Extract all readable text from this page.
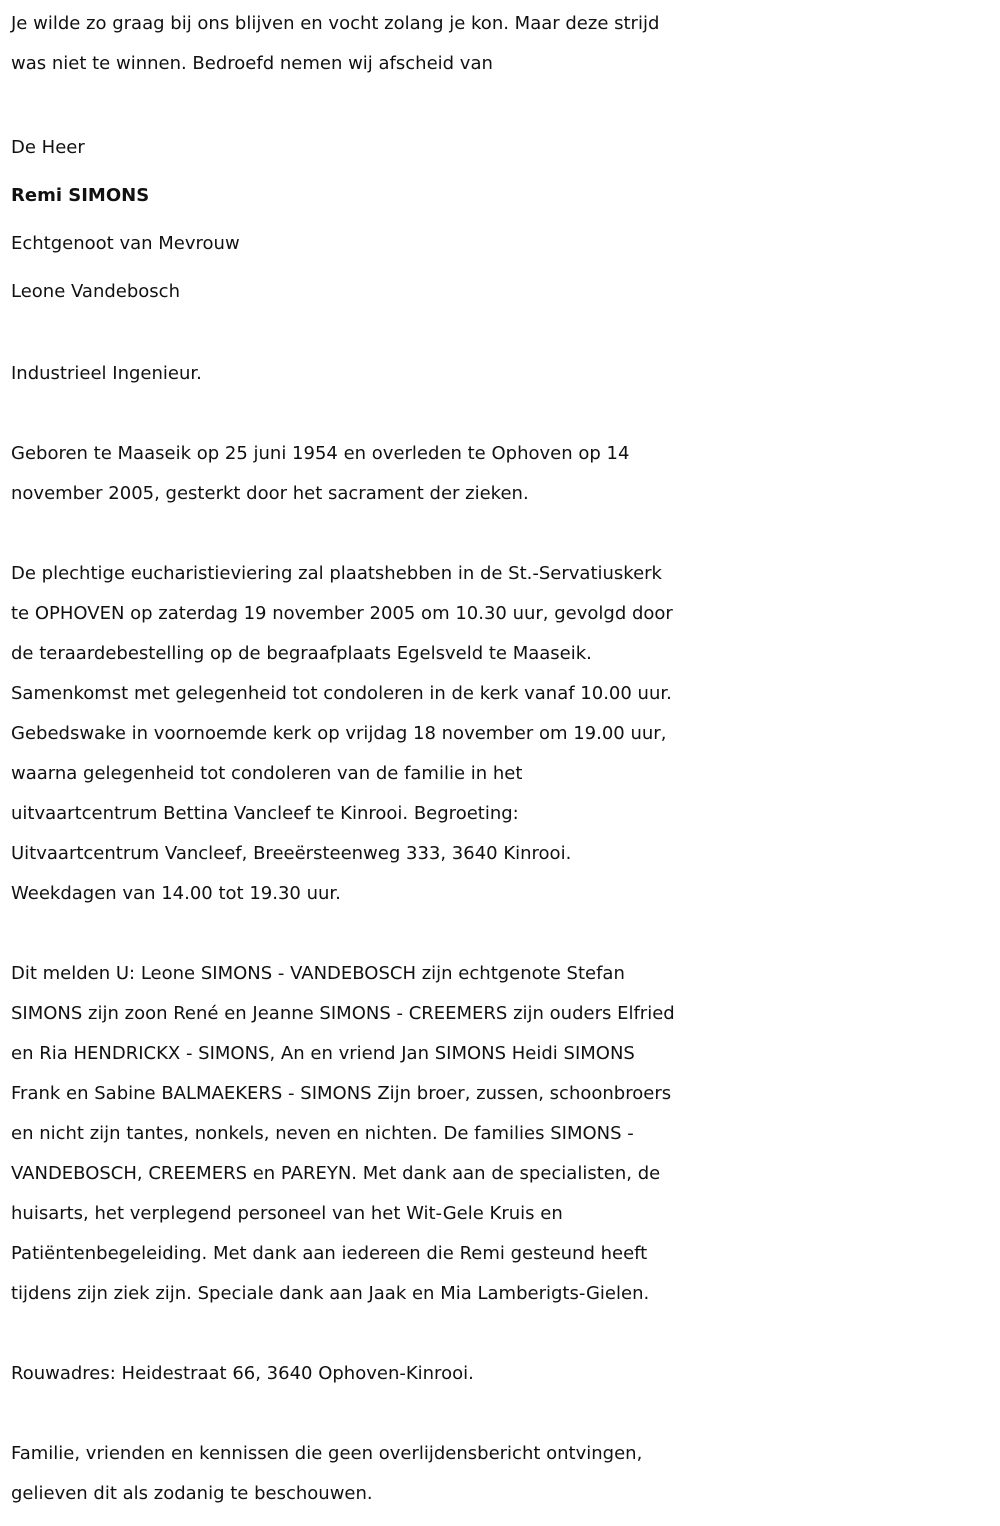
Je wilde zo graag bij ons blijven en vocht zolang je kon. Maar deze strijd
was niet te winnen. Bedroefd nemen wij afscheid van
De Heer
Remi SIMONS
Echtgenoot van Mevrouw
Leone Vandebosch
Industrieel Ingenieur.
Geboren te Maaseik op 25 juni 1954 en overleden te Ophoven op 14
november 2005, gesterkt door het sacrament der zieken.
De plechtige eucharistieviering zal plaatshebben in de St.-Servatiuskerk
te OPHOVEN op zaterdag 19 november 2005 om 10.30 uur, gevolgd door
de teraardebestelling op de begraafplaats Egelsveld te Maaseik.
Samenkomst met gelegenheid tot condoleren in de kerk vanaf 10.00 uur.
Gebedswake in voornoemde kerk op vrijdag 18 november om 19.00 uur,
waarna gelegenheid tot condoleren van de familie in het
uitvaartcentrum Bettina Vancleef te Kinrooi. Begroeting:
Uitvaartcentrum Vancleef, Breeërsteenweg 333, 3640 Kinrooi.
Weekdagen van 14.00 tot 19.30 uur.
Dit melden U: Leone SIMONS - VANDEBOSCH zijn echtgenote Stefan
SIMONS zijn zoon René en Jeanne SIMONS - CREEMERS zijn ouders Elfried
en Ria HENDRICKX - SIMONS, An en vriend Jan SIMONS Heidi SIMONS
Frank en Sabine BALMAEKERS - SIMONS Zijn broer, zussen, schoonbroers
en nicht zijn tantes, nonkels, neven en nichten. De families SIMONS -
VANDEBOSCH, CREEMERS en PAREYN. Met dank aan de specialisten, de
huisarts, het verplegend personeel van het Wit-Gele Kruis en
Patiëntenbegeleiding. Met dank aan iedereen die Remi gesteund heeft
tijdens zijn ziek zijn. Speciale dank aan Jaak en Mia Lamberigts-Gielen.
Rouwadres: Heidestraat 66, 3640 Ophoven-Kinrooi.
Familie, vrienden en kennissen die geen overlijdensbericht ontvingen,
gelieven dit als zodanig te beschouwen.
